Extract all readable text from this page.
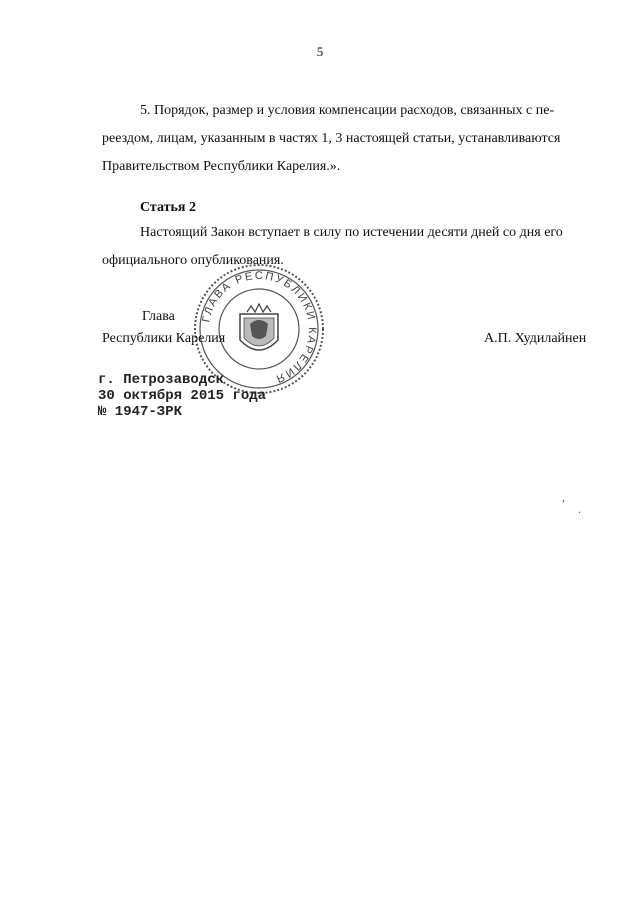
5
5. Порядок, размер и условия компенсации расходов, связанных с пе-
реездом, лицам, указанным в частях 1, 3 настоящей статьи, устанавливаются
Правительством Республики Карелия.».
Статья 2
Настоящий Закон вступает в силу по истечении десяти дней со дня его
официального опубликования.
ГЛАВА РЕСПУБЛИКИ КАРЕЛИЯ
Глава
Республики Карелия	А.П. Худилайнен
г. Петрозаводск
30 октября 2015 года
№ 1947-ЗРК
,
.
